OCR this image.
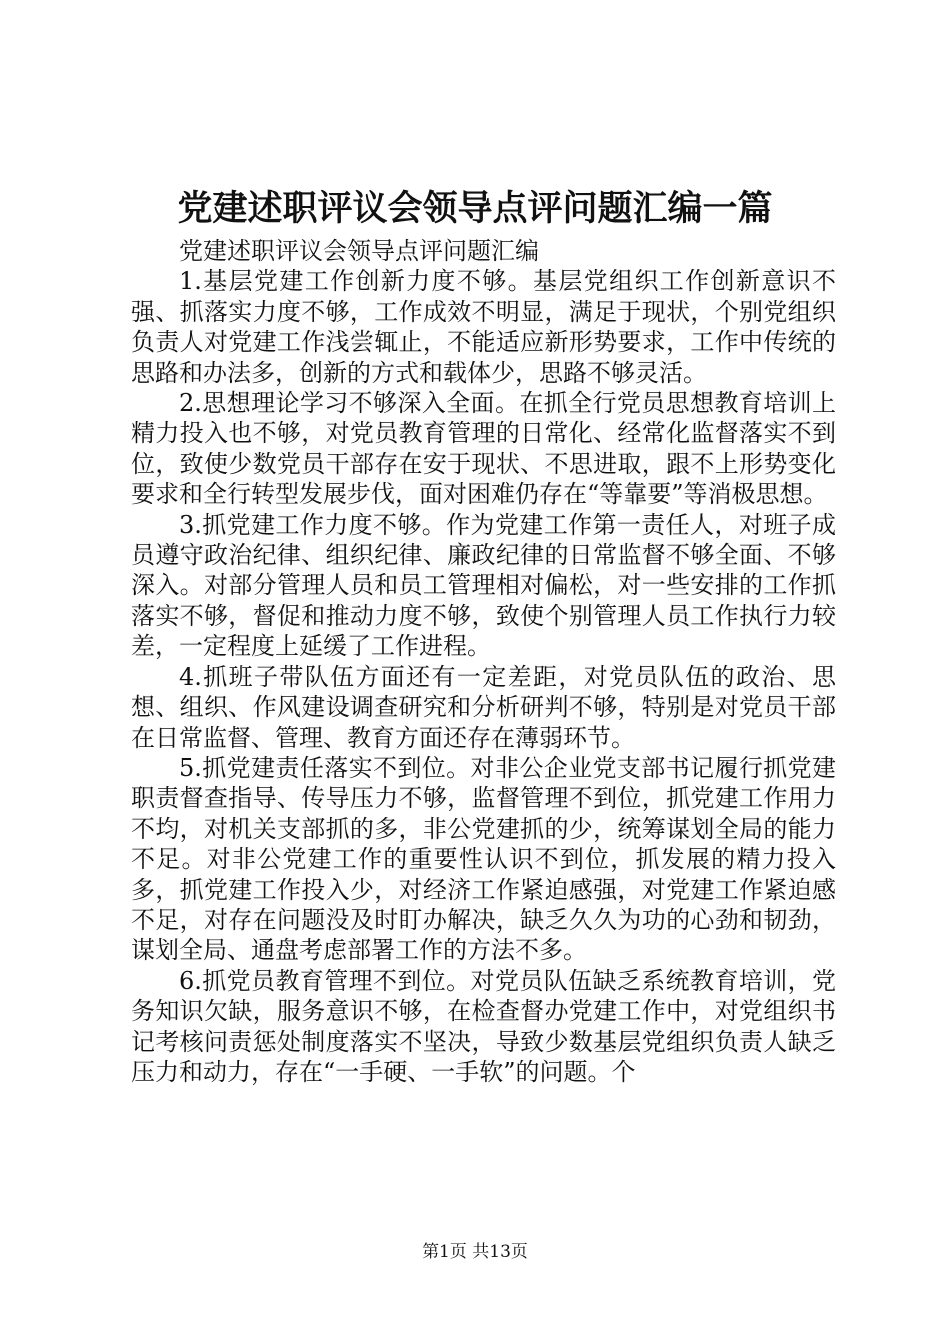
党建述职评议会领导点评问题汇编一篇

党建述职评议会领导点评问题汇编

1.基层党建工作创新力度不够。基层党组织工作创新意识不强、抓落实力度不够，工作成效不明显，满足于现状，个别党组织负责人对党建工作浅尝辄止，不能适应新形势要求，工作中传统的思路和办法多，创新的方式和载体少，思路不够灵活。

2.思想理论学习不够深入全面。在抓全行党员思想教育培训上精力投入也不够，对党员教育管理的日常化、经常化监督落实不到位，致使少数党员干部存在安于现状、不思进取，跟不上形势变化要求和全行转型发展步伐，面对困难仍存在“等靠要”等消极思想。

3.抓党建工作力度不够。作为党建工作第一责任人，对班子成员遵守政治纪律、组织纪律、廉政纪律的日常监督不够全面、不够深入。对部分管理人员和员工管理相对偏松，对一些安排的工作抓落实不够，督促和推动力度不够，致使个别管理人员工作执行力较差，一定程度上延缓了工作进程。

4.抓班子带队伍方面还有一定差距，对党员队伍的政治、思想、组织、作风建设调查研究和分析研判不够，特别是对党员干部在日常监督、管理、教育方面还存在薄弱环节。

5.抓党建责任落实不到位。对非公企业党支部书记履行抓党建职责督查指导、传导压力不够，监督管理不到位，抓党建工作用力不均，对机关支部抓的多，非公党建抓的少，统筹谋划全局的能力不足。对非公党建工作的重要性认识不到位，抓发展的精力投入多，抓党建工作投入少，对经济工作紧迫感强，对党建工作紧迫感不足，对存在问题没及时盯办解决，缺乏久久为功的心劲和韧劲，谋划全局、通盘考虑部署工作的方法不多。

6.抓党员教育管理不到位。对党员队伍缺乏系统教育培训，党务知识欠缺，服务意识不够，在检查督办党建工作中，对党组织书记考核问责惩处制度落实不坚决，导致少数基层党组织负责人缺乏压力和动力，存在“一手硬、一手软”的问题。个

第1页 共13页
